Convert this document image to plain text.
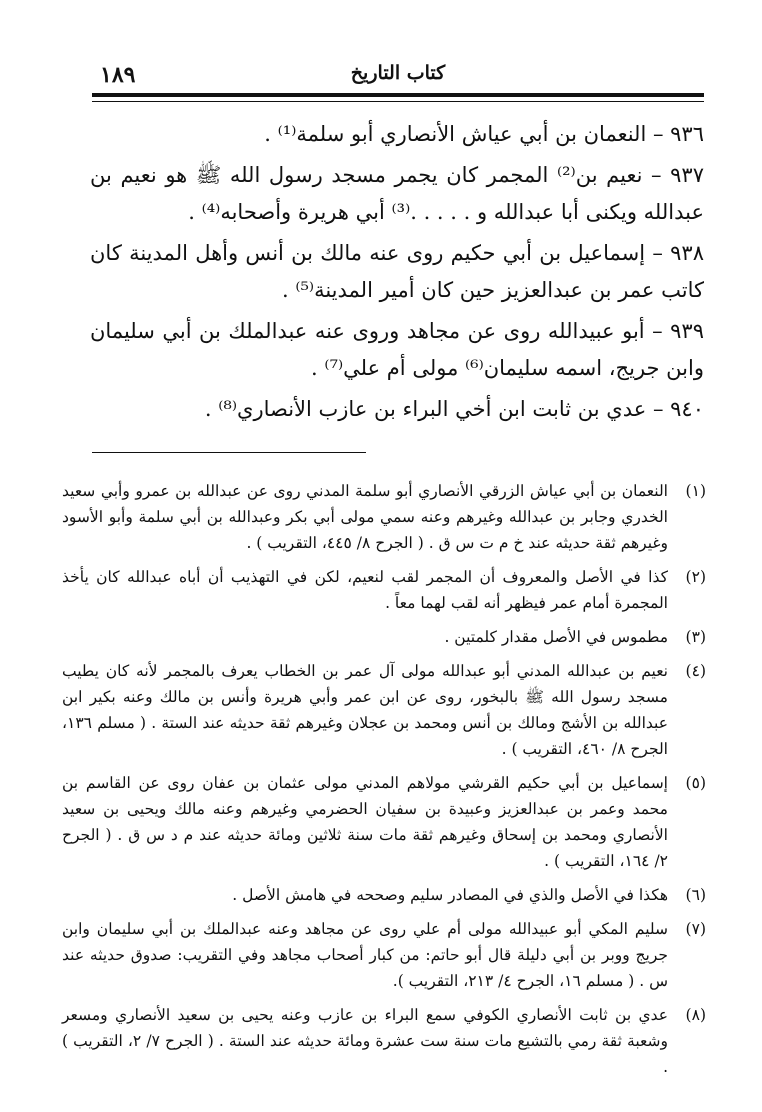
كتاب التاريخ
١٨٩

٩٣٦ – النعمان بن أبي عياش الأنصاري أبو سلمة⁽¹⁾ .

٩٣٧ – نعيم بن⁽²⁾ المجمر كان يجمر مسجد رسول الله ﷺ هو نعيم بن عبدالله ويكنى أبا عبدالله و . . . . .⁽³⁾ أبي هريرة وأصحابه⁽⁴⁾ .

٩٣٨ – إسماعيل بن أبي حكيم روى عنه مالك بن أنس وأهل المدينة كان كاتب عمر بن عبدالعزيز حين كان أمير المدينة⁽⁵⁾ .

٩٣٩ – أبو عبيدالله روى عن مجاهد وروى عنه عبدالملك بن أبي سليمان وابن جريج، اسمه سليمان⁽⁶⁾ مولى أم علي⁽⁷⁾ .

٩٤٠ – عدي بن ثابت ابن أخي البراء بن عازب الأنصاري⁽⁸⁾ .

(١)
النعمان بن أبي عياش الزرقي الأنصاري أبو سلمة المدني روى عن عبدالله بن عمرو وأبي سعيد الخدري وجابر بن عبدالله وغيرهم وعنه سمي مولى أبي بكر وعبدالله بن أبي سلمة وأبو الأسود وغيرهم ثقة حديثه عند خ م ت س ق . ( الجرح ٨/ ٤٤٥، التقريب ) .
(٢)
كذا في الأصل والمعروف أن المجمر لقب لنعيم، لكن في التهذيب أن أباه عبدالله كان يأخذ المجمرة أمام عمر فيظهر أنه لقب لهما معاً .
(٣)
مطموس في الأصل مقدار كلمتين .
(٤)
نعيم بن عبدالله المدني أبو عبدالله مولى آل عمر بن الخطاب يعرف بالمجمر لأنه كان يطيب مسجد رسول الله ﷺ بالبخور، روى عن ابن عمر وأبي هريرة وأنس بن مالك وعنه بكير ابن عبدالله بن الأشج ومالك بن أنس ومحمد بن عجلان وغيرهم ثقة حديثه عند الستة . ( مسلم ١٣٦، الجرح ٨/ ٤٦٠، التقريب ) .
(٥)
إسماعيل بن أبي حكيم القرشي مولاهم المدني مولى عثمان بن عفان روى عن القاسم بن محمد وعمر بن عبدالعزيز وعبيدة بن سفيان الحضرمي وغيرهم وعنه مالك ويحيى بن سعيد الأنصاري ومحمد بن إسحاق وغيرهم ثقة مات سنة ثلاثين ومائة حديثه عند م د س ق . ( الجرح ٢/ ١٦٤، التقريب ) .
(٦)
هكذا في الأصل والذي في المصادر سليم وصححه في هامش الأصل .
(٧)
سليم المكي أبو عبيدالله مولى أم علي روى عن مجاهد وعنه عبدالملك بن أبي سليمان وابن جريج ووبر بن أبي دليلة قال أبو حاتم: من كبار أصحاب مجاهد وفي التقريب: صدوق حديثه عند س . ( مسلم ١٦، الجرح ٤/ ٢١٣، التقريب ).
(٨)
عدي بن ثابت الأنصاري الكوفي سمع البراء بن عازب وعنه يحيى بن سعيد الأنصاري ومسعر وشعبة ثقة رمي بالتشيع مات سنة ست عشرة ومائة حديثه عند الستة . ( الجرح ٧/ ٢، التقريب ) .
